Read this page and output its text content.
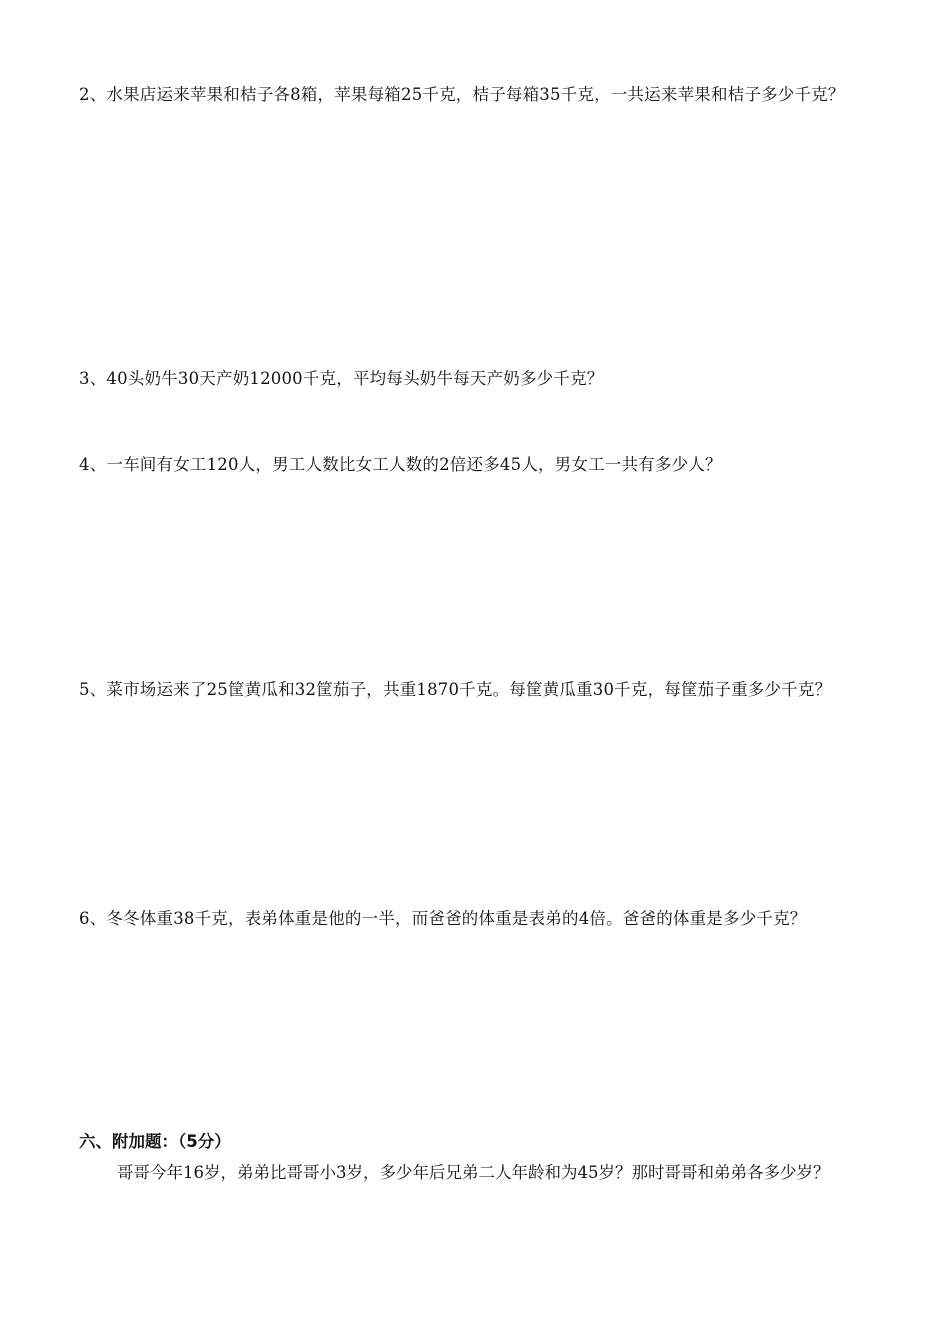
2、水果店运来苹果和桔子各8箱，苹果每箱25千克，桔子每箱35千克，一共运来苹果和桔子多少千克？

3、40头奶牛30天产奶12000千克，平均每头奶牛每天产奶多少千克？

4、一车间有女工120人，男工人数比女工人数的2倍还多45人，男女工一共有多少人？

5、菜市场运来了25筐黄瓜和32筐茄子，共重1870千克。每筐黄瓜重30千克，每筐茄子重多少千克？

6、冬冬体重38千克，表弟体重是他的一半，而爸爸的体重是表弟的4倍。爸爸的体重是多少千克？

六、附加题：（5分）

哥哥今年16岁，弟弟比哥哥小3岁，多少年后兄弟二人年龄和为45岁？那时哥哥和弟弟各多少岁？
